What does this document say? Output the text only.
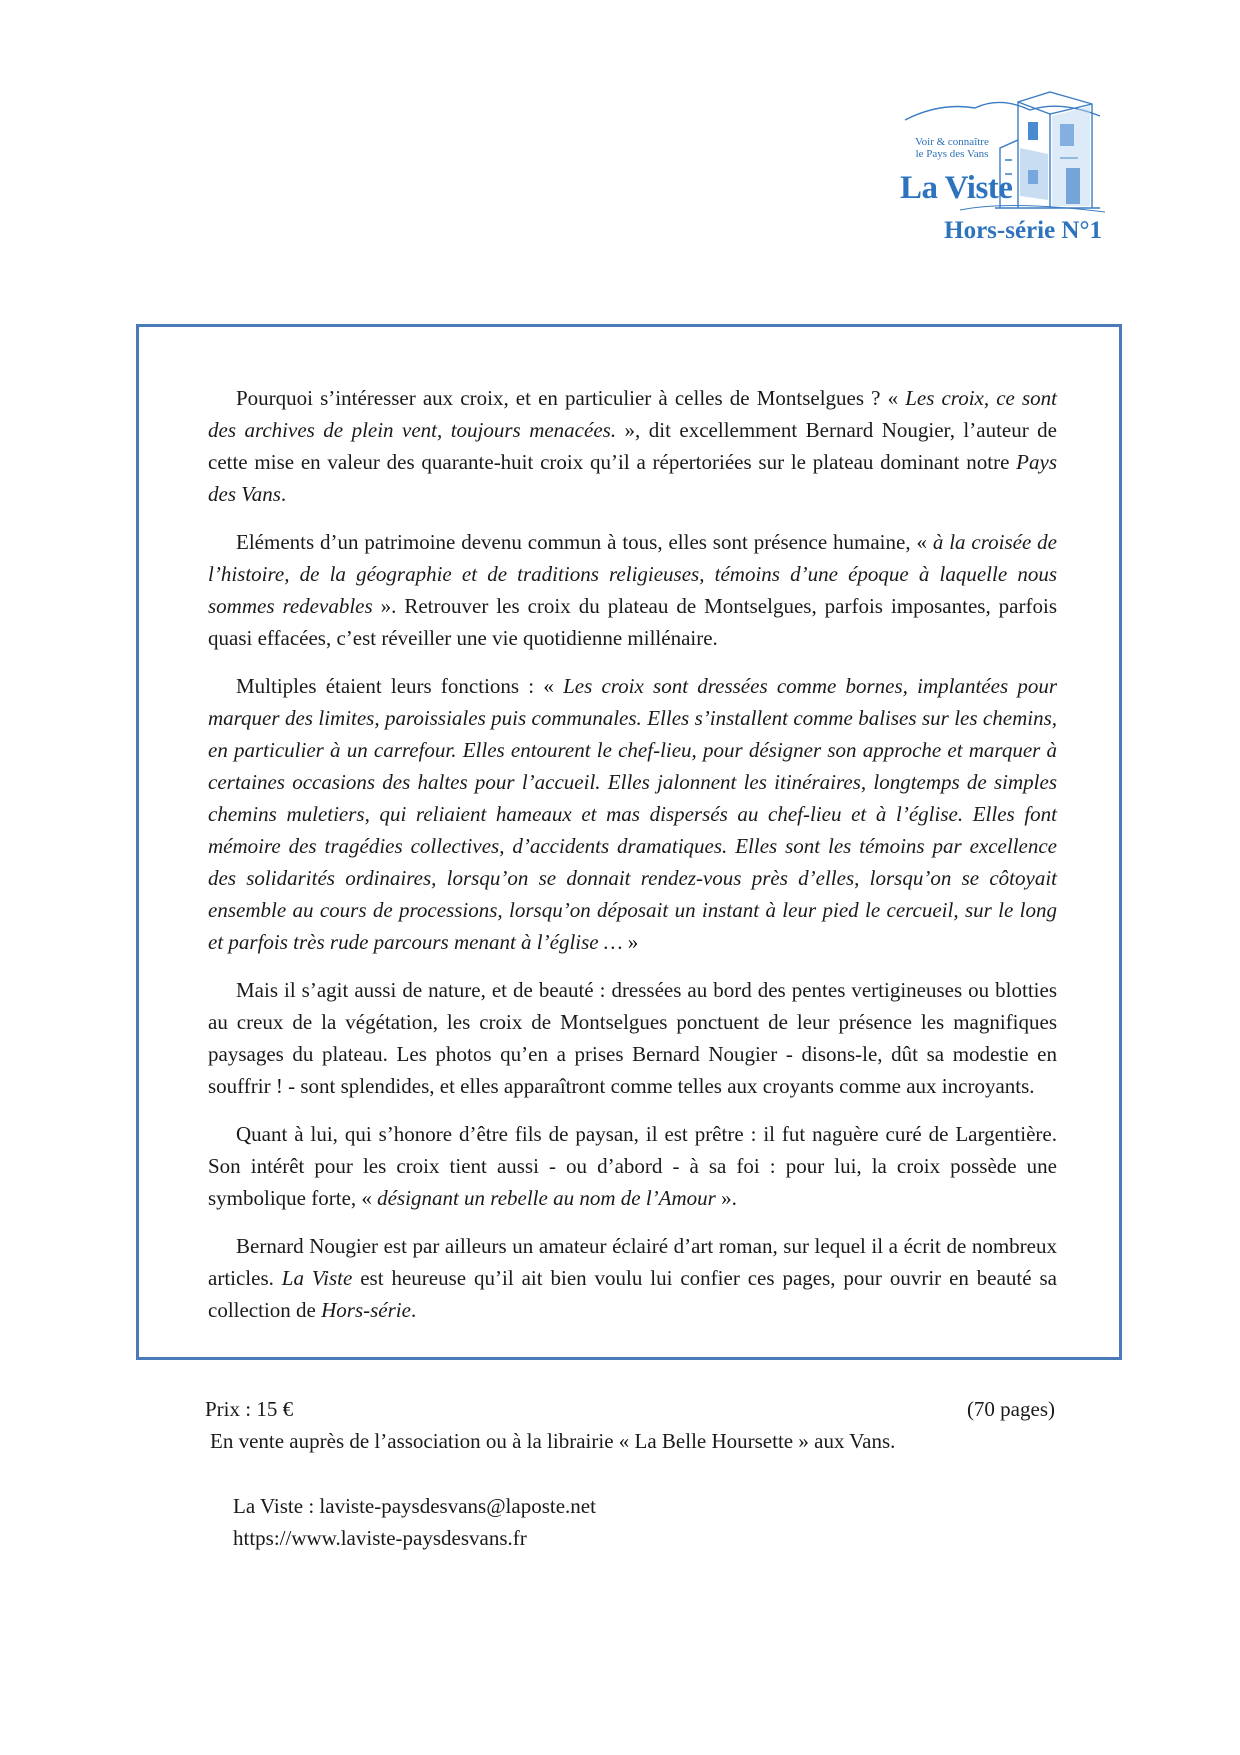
Voir & connaître
le Pays des Vans
La Viste
Hors-série N°1

Pourquoi s’intéresser aux croix, et en particulier à celles de Montselgues ? « Les croix, ce sont des archives de plein vent, toujours menacées. », dit excellemment Bernard Nougier, l’auteur de cette mise en valeur des quarante-huit croix qu’il a répertoriées sur le plateau dominant notre Pays des Vans.

Eléments d’un patrimoine devenu commun à tous, elles sont présence humaine, « à la croisée de l’histoire, de la géographie et de traditions religieuses, témoins d’une époque à laquelle nous sommes redevables ». Retrouver les croix du plateau de Montselgues, parfois imposantes, parfois quasi effacées, c’est réveiller une vie quotidienne millénaire.

Multiples étaient leurs fonctions : « Les croix sont dressées comme bornes, implantées pour marquer des limites, paroissiales puis communales. Elles s’installent comme balises sur les chemins, en particulier à un carrefour. Elles entourent le chef-lieu, pour désigner son approche et marquer à certaines occasions des haltes pour l’accueil. Elles jalonnent les itinéraires, longtemps de simples chemins muletiers, qui reliaient hameaux et mas dispersés au chef-lieu et à l’église. Elles font mémoire des tragédies collectives, d’accidents dramatiques. Elles sont les témoins par excellence des solidarités ordinaires, lorsqu’on se donnait rendez-vous près d’elles, lorsqu’on se côtoyait ensemble au cours de processions, lorsqu’on déposait un instant à leur pied le cercueil, sur le long et parfois très rude parcours menant à l’église … »

Mais il s’agit aussi de nature, et de beauté : dressées au bord des pentes vertigineuses ou blotties au creux de la végétation, les croix de Montselgues ponctuent de leur présence les magnifiques paysages du plateau. Les photos qu’en a prises Bernard Nougier - disons-le, dût sa modestie en souffrir ! - sont splendides, et elles apparaîtront comme telles aux croyants comme aux incroyants.

Quant à lui, qui s’honore d’être fils de paysan, il est prêtre : il fut naguère curé de Largentière. Son intérêt pour les croix tient aussi - ou d’abord - à sa foi : pour lui, la croix possède une symbolique forte, « désignant un rebelle au nom de l’Amour ».

Bernard Nougier est par ailleurs un amateur éclairé d’art roman, sur lequel il a écrit de nombreux articles. La Viste est heureuse qu’il ait bien voulu lui confier ces pages, pour ouvrir en beauté sa collection de Hors-série.

Prix : 15 €	(70 pages)
En vente auprès de l’association ou à la librairie « La Belle Hoursette » aux Vans.
La Viste : laviste-paysdesvans@laposte.net
https://www.laviste-paysdesvans.fr
